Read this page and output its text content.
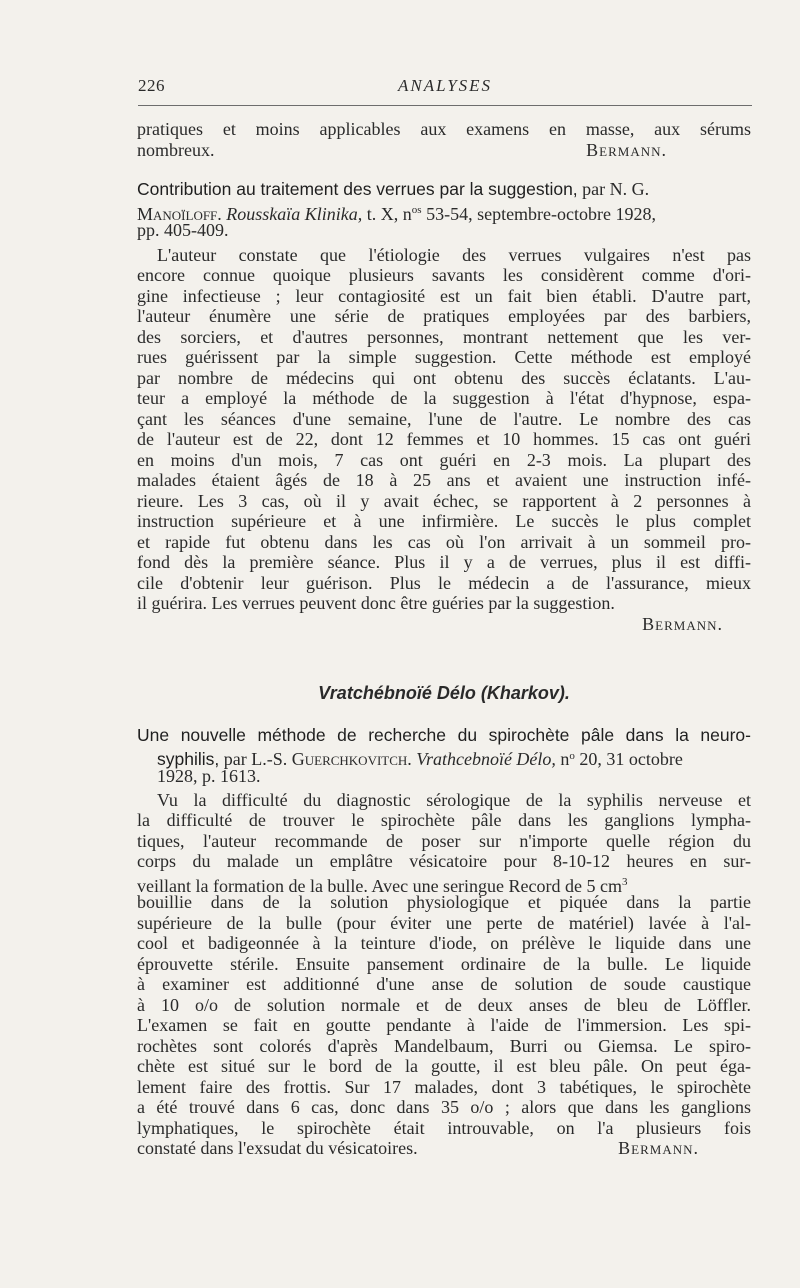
226	ANALYSES
pratiques et moins applicables aux examens en masse, aux sérums
nombreux.	Bermann.
Contribution au traitement des verrues par la suggestion, par N. G.
Manoïloff. Rousskaïa Klinika, t. X, $n^{os}$ 53-54, septembre-octobre 1928,
pp. 405-409.
L'auteur constate que l'étiologie des verrues vulgaires n'est pas
encore connue quoique plusieurs savants les considèrent comme d'ori-
gine infectieuse ; leur contagiosité est un fait bien établi. D'autre part,
l'auteur énumère une série de pratiques employées par des barbiers,
des sorciers, et d'autres personnes, montrant nettement que les ver-
rues guérissent par la simple suggestion. Cette méthode est employé
par nombre de médecins qui ont obtenu des succès éclatants. L'au-
teur a employé la méthode de la suggestion à l'état d'hypnose, espa-
çant les séances d'une semaine, l'une de l'autre. Le nombre des cas
de l'auteur est de 22, dont 12 femmes et 10 hommes. 15 cas ont guéri
en moins d'un mois, 7 cas ont guéri en 2-3 mois. La plupart des
malades étaient âgés de 18 à 25 ans et avaient une instruction infé-
rieure. Les 3 cas, où il y avait échec, se rapportent à 2 personnes à
instruction supérieure et à une infirmière. Le succès le plus complet
et rapide fut obtenu dans les cas où l'on arrivait à un sommeil pro-
fond dès la première séance. Plus il y a de verrues, plus il est diffi-
cile d'obtenir leur guérison. Plus le médecin a de l'assurance, mieux
il guérira. Les verrues peuvent donc être guéries par la suggestion.
Bermann.
Vratchébnoïé Délo (Kharkov).
Une nouvelle méthode de recherche du spirochète pâle dans la neuro-
syphilis, par L.-S. Guerchkovitch. Vrathcebnoïé Délo, $n^o$ 20, 31 octobre
1928, p. 1613.
Vu la difficulté du diagnostic sérologique de la syphilis nerveuse et
la difficulté de trouver le spirochète pâle dans les ganglions lympha-
tiques, l'auteur recommande de poser sur n'importe quelle région du
corps du malade un emplâtre vésicatoire pour 8-10-12 heures en sur-
veillant la formation de la bulle. Avec une seringue Record de 5 $cm^3$
bouillie dans de la solution physiologique et piquée dans la partie
supérieure de la bulle (pour éviter une perte de matériel) lavée à l'al-
cool et badigeonnée à la teinture d'iode, on prélève le liquide dans une
éprouvette stérile. Ensuite pansement ordinaire de la bulle. Le liquide
à examiner est additionné d'une anse de solution de soude caustique
à 10 o/o de solution normale et de deux anses de bleu de Löffler.
L'examen se fait en goutte pendante à l'aide de l'immersion. Les spi-
rochètes sont colorés d'après Mandelbaum, Burri ou Giemsa. Le spiro-
chète est situé sur le bord de la goutte, il est bleu pâle. On peut éga-
lement faire des frottis. Sur 17 malades, dont 3 tabétiques, le spirochète
a été trouvé dans 6 cas, donc dans 35 o/o ; alors que dans les ganglions
lymphatiques, le spirochète était introuvable, on l'a plusieurs fois
constaté dans l'exsudat du vésicatoires.	Bermann.
